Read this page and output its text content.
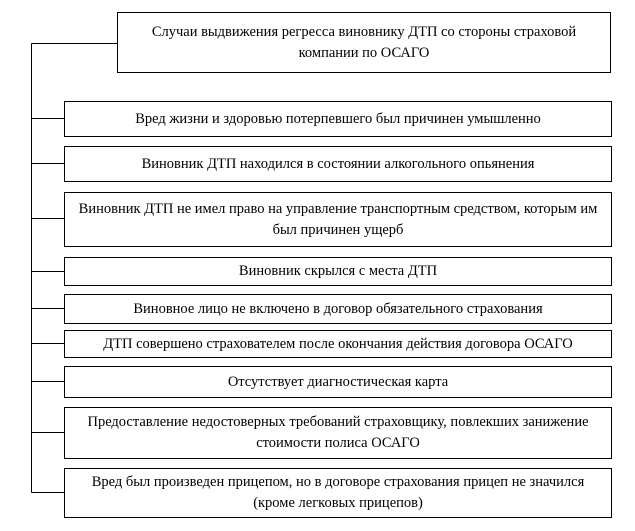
Случаи выдвижения регресса виновнику ДТП со стороны страховой компании по ОСАГО
Вред жизни и здоровью потерпевшего был причинен умышленно
Виновник ДТП находился в состоянии алкогольного опьянения
Виновник ДТП не имел право на управление транспортным средством, которым им был причинен ущерб
Виновник скрылся с места ДТП
Виновное лицо не включено в договор обязательного страхования
ДТП совершено страхователем после окончания действия договора ОСАГО
Отсутствует диагностическая карта
Предоставление недостоверных требований страховщику, повлекших занижение стоимости полиса ОСАГО
Вред был произведен прицепом, но в договоре страхования прицеп не значился (кроме легковых прицепов)
